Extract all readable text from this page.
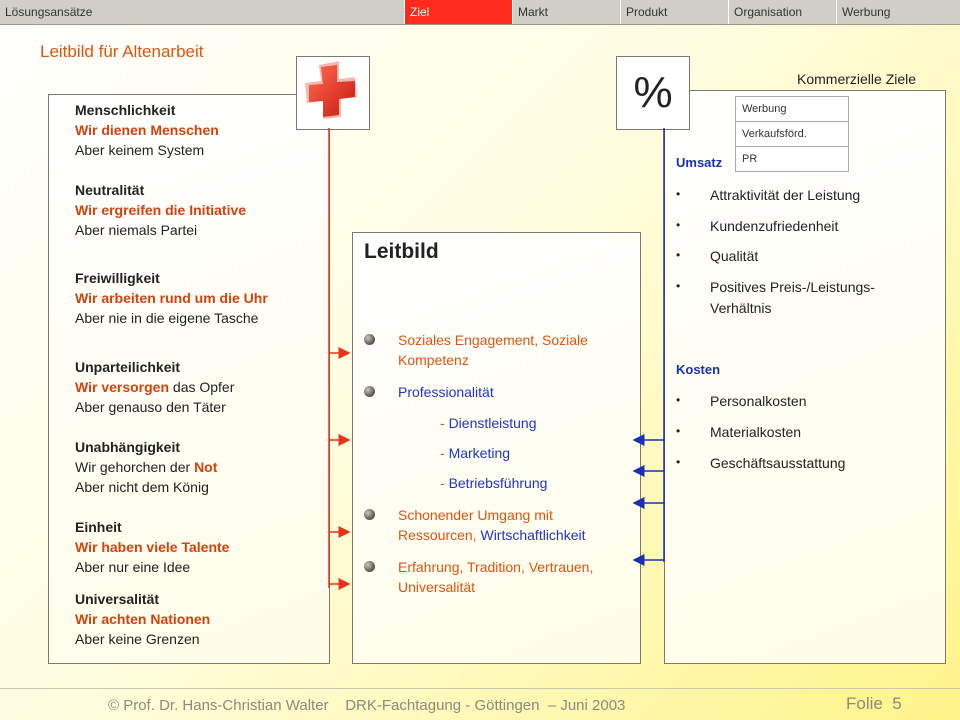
Lösungsansätze	Ziel	Markt	Produkt	Organisation	Werbung
Leitbild für Altenarbeit
Menschlichkeit
Wir dienen Menschen
Aber keinem System
Neutralität
Wir ergreifen die Initiative
Aber niemals Partei
Freiwilligkeit
Wir arbeiten rund um die Uhr
Aber nie in die eigene Tasche
Unparteilichkeit
Wir versorgen das Opfer
Aber genauso den Täter
Unabhängigkeit
Wir gehorchen der Not
Aber nicht dem König
Einheit
Wir haben viele Talente
Aber nur eine Idee
Universalität
Wir achten Nationen
Aber keine Grenzen
Leitbild
Soziales Engagement, Soziale
Kompetenz
Professionalität
- Dienstleistung
- Marketing
- Betriebsführung
Schonender Umgang mit
Ressourcen, Wirtschaftlichkeit
Erfahrung, Tradition, Vertrauen,
Universalität
Kommerzielle Ziele
%	Werbung
Verkaufsförd.
PR
Umsatz
• Attraktivität der Leistung
• Kundenzufriedenheit
• Qualität
• Positives Preis-/Leistungs-
Verhältnis
Kosten
• Personalkosten
• Materialkosten
• Geschäftsausstattung
© Prof. Dr. Hans-Christian Walter    DRK-Fachtagung - Göttingen  – Juni 2003	Folie  5
